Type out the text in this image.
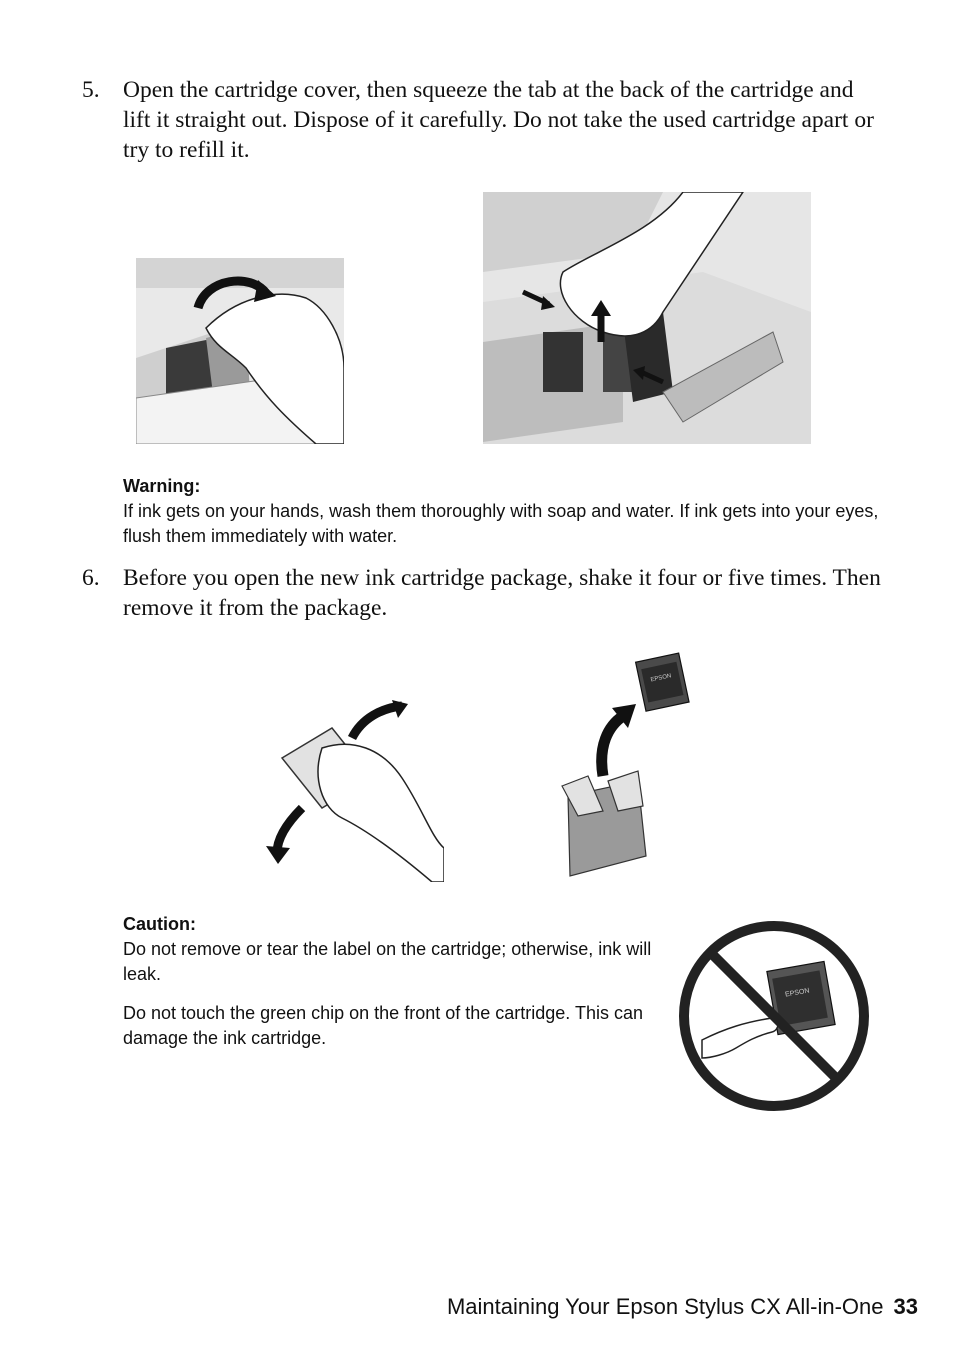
5. Open the cartridge cover, then squeeze the tab at the back of the cartridge and lift it straight out. Dispose of it carefully. Do not take the used cartridge apart or try to refill it.
Warning:
If ink gets on your hands, wash them thoroughly with soap and water. If ink gets into your eyes, flush them immediately with water.
6. Before you open the new ink cartridge package, shake it four or five times. Then remove it from the package.
EPSON
Caution:

Do not remove or tear the label on the cartridge; otherwise, ink will leak.

Do not touch the green chip on the front of the cartridge. This can damage the ink cartridge.

EPSON
Maintaining Your Epson Stylus CX All-in-One 33
